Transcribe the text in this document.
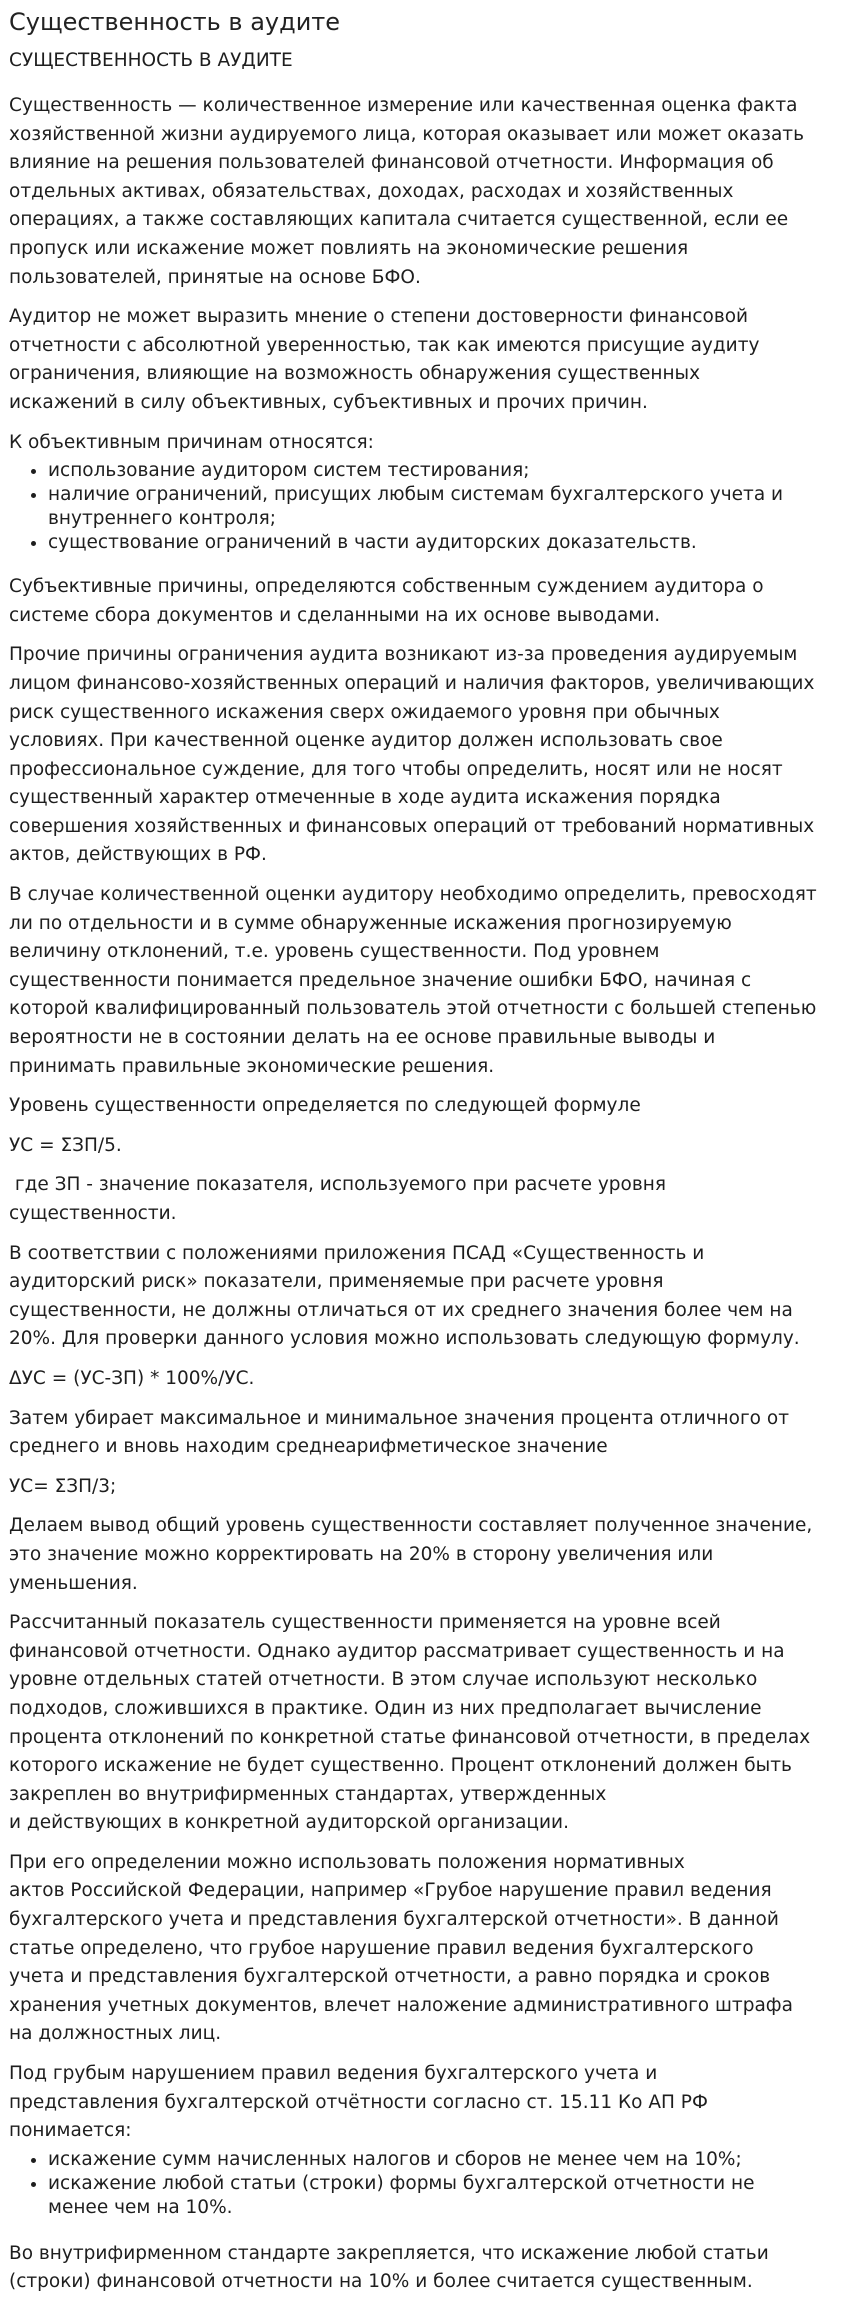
Существенность в аудите
СУЩЕСТВЕННОСТЬ В АУДИТЕ

Существенность — количественное измерение или качественная оценка факта
хозяйственной жизни аудируемого лица, которая оказывает или может оказать
влияние на решения пользователей финансовой отчетности. Информация об
отдельных активах, обязательствах, доходах, расходах и хозяйственных
операциях, а также составляющих капитала считается существенной, если ее
пропуск или искажение может повлиять на экономические решения
пользователей, принятые на основе БФО.

Аудитор не может выразить мнение о степени достоверности финансовой
отчетности с абсолютной уверенностью, так как имеются присущие аудиту
ограничения, влияющие на возможность обнаружения существенных
искажений в силу объективных, субъективных и прочих причин.

К объективным причинам относятся:

• использование аудитором систем тестирования;
• наличие ограничений, присущих любым системам бухгалтерского учета и
внутреннего контроля;
• существование ограничений в части аудиторских доказательств.

Субъективные причины, определяются собственным суждением аудитора о
системе сбора документов и сделанными на их основе выводами.

Прочие причины ограничения аудита возникают из-за проведения аудируемым
лицом финансово-хозяйственных операций и наличия факторов, увеличивающих
риск существенного искажения сверх ожидаемого уровня при обычных
условиях. При качественной оценке аудитор должен использовать свое
профессиональное суждение, для того чтобы определить, носят или не носят
существенный характер отмеченные в ходе аудита искажения порядка
совершения хозяйственных и финансовых операций от требований нормативных
актов, действующих в РФ.

В случае количественной оценки аудитору необходимо определить, превосходят
ли по отдельности и в сумме обнаруженные искажения прогнозируемую
величину отклонений, т.е. уровень существенности. Под уровнем
существенности понимается предельное значение ошибки БФО, начиная с
которой квалифицированный пользователь этой отчетности с большей степенью
вероятности не в состоянии делать на ее основе правильные выводы и
принимать правильные экономические решения.

Уровень существенности определяется по следующей формуле

УС = ΣЗП/5.

где ЗП - значение показателя, используемого при расчете уровня
существенности.

В соответствии с положениями приложения ПСАД «Существенность и
аудиторский риск» показатели, применяемые при расчете уровня
существенности, не должны отличаться от их среднего значения более чем на
20%. Для проверки данного условия можно использовать следующую формулу.

ΔУС = (УС-ЗП) * 100%/УС.

Затем убирает максимальное и минимальное значения процента отличного от
среднего и вновь находим среднеарифметическое значение

УС= ΣЗП/3;

Делаем вывод общий уровень существенности составляет полученное значение,
это значение можно корректировать на 20% в сторону увеличения или
уменьшения.

Рассчитанный показатель существенности применяется на уровне всей
финансовой отчетности. Однако аудитор рассматривает существенность и на
уровне отдельных статей отчетности. В этом случае используют несколько
подходов, сложившихся в практике. Один из них предполагает вычисление
процента отклонений по конкретной статье финансовой отчетности, в пределах
которого искажение не будет существенно. Процент отклонений должен быть
закреплен во внутрифирменных стандартах, утвержденных
и действующих в конкретной аудиторской организации.

При его определении можно использовать положения нормативных
актов Российской Федерации, например «Грубое нарушение правил ведения
бухгалтерского учета и представления бухгалтерской отчетности». В данной
статье определено, что грубое нарушение правил ведения бухгалтерского
учета и представления бухгалтерской отчетности, а равно порядка и сроков
хранения учетных документов, влечет наложение административного штрафа
на должностных лиц.

Под грубым нарушением правил ведения бухгалтерского учета и
представления бухгалтерской отчётности согласно ст. 15.11 Ко АП РФ
понимается:

• искажение сумм начисленных налогов и сборов не менее чем на 10%;
• искажение любой статьи (строки) формы бухгалтерской отчетности не
менее чем на 10%.

Во внутрифирменном стандарте закрепляется, что искажение любой статьи
(строки) финансовой отчетности на 10% и более считается существенным.
